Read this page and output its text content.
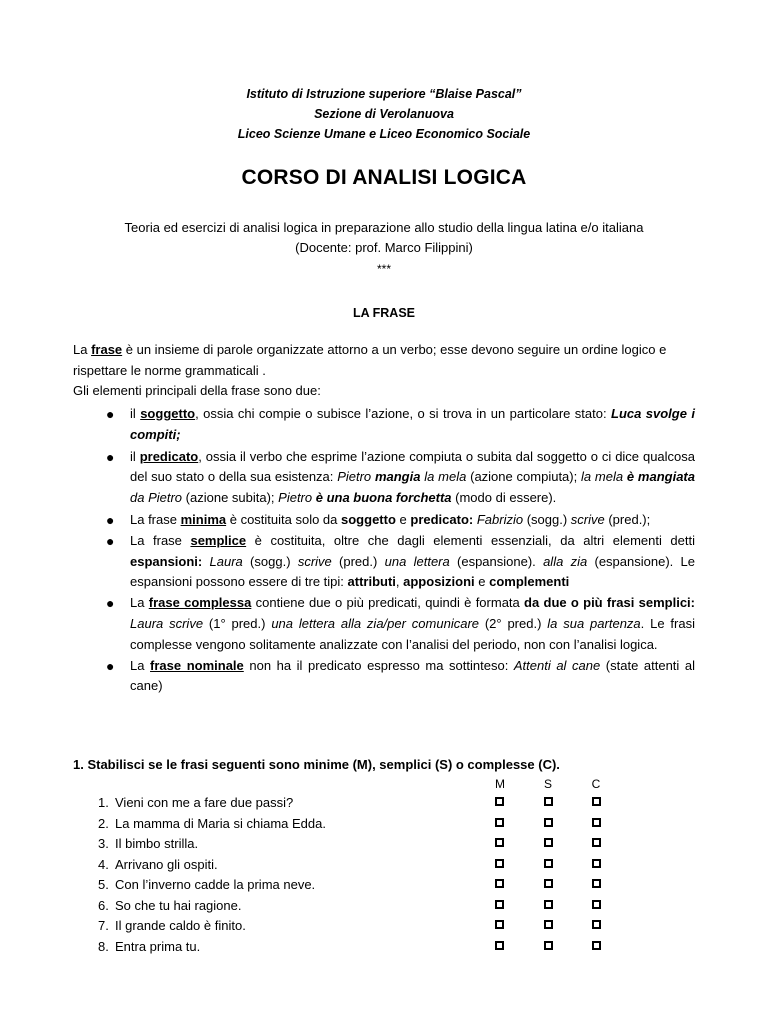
Istituto di Istruzione superiore “Blaise Pascal”
Sezione di Verolanuova
Liceo Scienze Umane e Liceo Economico Sociale
CORSO DI ANALISI LOGICA
Teoria ed esercizi di analisi logica in preparazione allo studio della lingua latina e/o italiana
(Docente: prof. Marco Filippini)
***
LA FRASE
La frase è un insieme di parole organizzate attorno a un verbo; esse devono seguire un ordine logico e rispettare le norme grammaticali .
Gli elementi principali della frase sono due:
● il soggetto, ossia chi compie o subisce l’azione, o si trova in un particolare stato: Luca svolge i compiti;
● il predicato, ossia il verbo che esprime l’azione compiuta o subita dal soggetto o ci dice qualcosa del suo stato o della sua esistenza: Pietro mangia la mela (azione compiuta); la mela è mangiata da Pietro (azione subita); Pietro è una buona forchetta (modo di essere).
● La frase minima è costituita solo da soggetto e predicato: Fabrizio (sogg.) scrive (pred.);
● La frase semplice è costituita, oltre che dagli elementi essenziali, da altri elementi detti espansioni: Laura (sogg.) scrive (pred.) una lettera (espansione). alla zia (espansione). Le espansioni possono essere di tre tipi: attributi, apposizioni e complementi
● La frase complessa contiene due o più predicati, quindi è formata da due o più frasi semplici: Laura scrive (1° pred.) una lettera alla zia/per comunicare (2° pred.) la sua partenza. Le frasi complesse vengono solitamente analizzate con l’analisi del periodo, non con l’analisi logica.
● La frase nominale non ha il predicato espresso ma sottinteso: Attenti al cane (state attenti al cane)
1. Stabilisci se le frasi seguenti sono minime (M), semplici (S) o complesse (C).
M	S	C
1. Vieni con me a fare due passi?
2. La mamma di Maria si chiama Edda.
3. Il bimbo strilla.
4. Arrivano gli ospiti.
5. Con l’inverno cadde la prima neve.
6. So che tu hai ragione.
7. Il grande caldo è finito.
8. Entra prima tu.
